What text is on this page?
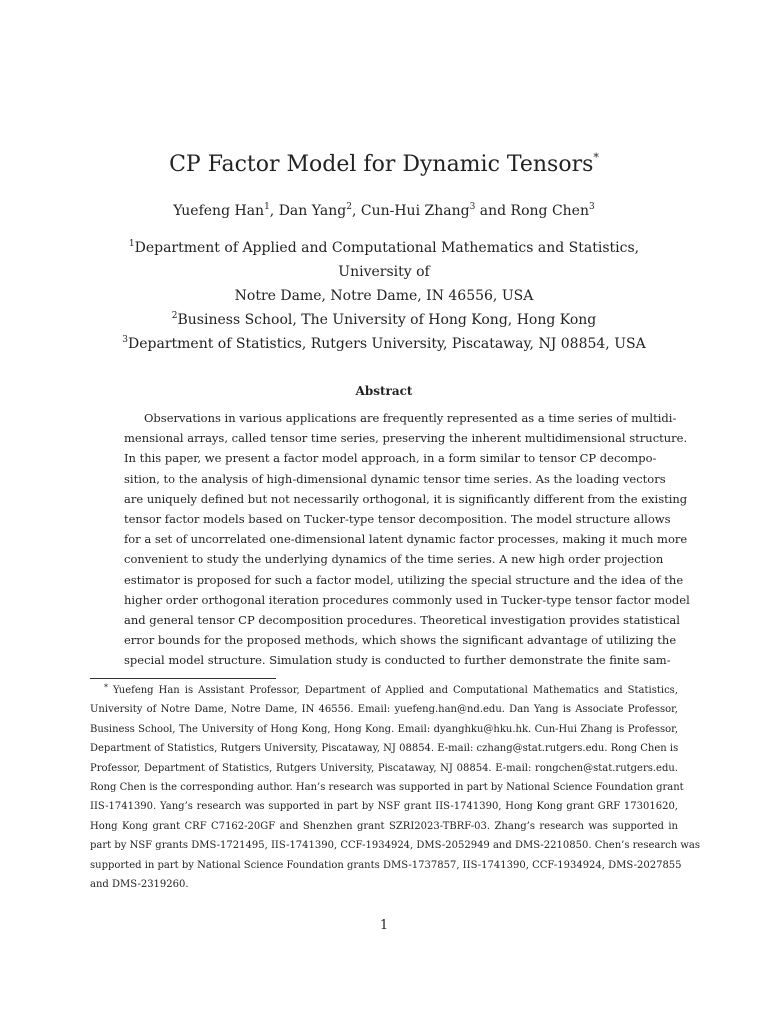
CP Factor Model for Dynamic Tensors*
Yuefeng Han$^1$, Dan Yang$^2$, Cun-Hui Zhang$^3$ and Rong Chen$^3$
$^1$Department of Applied and Computational Mathematics and Statistics, University of
Notre Dame, Notre Dame, IN 46556, USA
$^2$Business School, The University of Hong Kong, Hong Kong
$^3$Department of Statistics, Rutgers University, Piscataway, NJ 08854, USA
Abstract
Observations in various applications are frequently represented as a time series of multidi-
mensional arrays, called tensor time series, preserving the inherent multidimensional structure.
In this paper, we present a factor model approach, in a form similar to tensor CP decompo-
sition, to the analysis of high-dimensional dynamic tensor time series. As the loading vectors
are uniquely defined but not necessarily orthogonal, it is significantly different from the existing
tensor factor models based on Tucker-type tensor decomposition. The model structure allows
for a set of uncorrelated one-dimensional latent dynamic factor processes, making it much more
convenient to study the underlying dynamics of the time series. A new high order projection
estimator is proposed for such a factor model, utilizing the special structure and the idea of the
higher order orthogonal iteration procedures commonly used in Tucker-type tensor factor model
and general tensor CP decomposition procedures. Theoretical investigation provides statistical
error bounds for the proposed methods, which shows the significant advantage of utilizing the
special model structure. Simulation study is conducted to further demonstrate the finite sam-
* Yuefeng Han is Assistant Professor, Department of Applied and Computational Mathematics and Statistics,
University of Notre Dame, Notre Dame, IN 46556. Email: yuefeng.han@nd.edu. Dan Yang is Associate Professor,
Business School, The University of Hong Kong, Hong Kong. Email: dyanghku@hku.hk. Cun-Hui Zhang is Professor,
Department of Statistics, Rutgers University, Piscataway, NJ 08854. E-mail: czhang@stat.rutgers.edu. Rong Chen is
Professor, Department of Statistics, Rutgers University, Piscataway, NJ 08854. E-mail: rongchen@stat.rutgers.edu.
Rong Chen is the corresponding author. Han’s research was supported in part by National Science Foundation grant
IIS-1741390. Yang’s research was supported in part by NSF grant IIS-1741390, Hong Kong grant GRF 17301620,
Hong Kong grant CRF C7162-20GF and Shenzhen grant SZRI2023-TBRF-03. Zhang’s research was supported in
part by NSF grants DMS-1721495, IIS-1741390, CCF-1934924, DMS-2052949 and DMS-2210850. Chen’s research was
supported in part by National Science Foundation grants DMS-1737857, IIS-1741390, CCF-1934924, DMS-2027855
and DMS-2319260.
1
